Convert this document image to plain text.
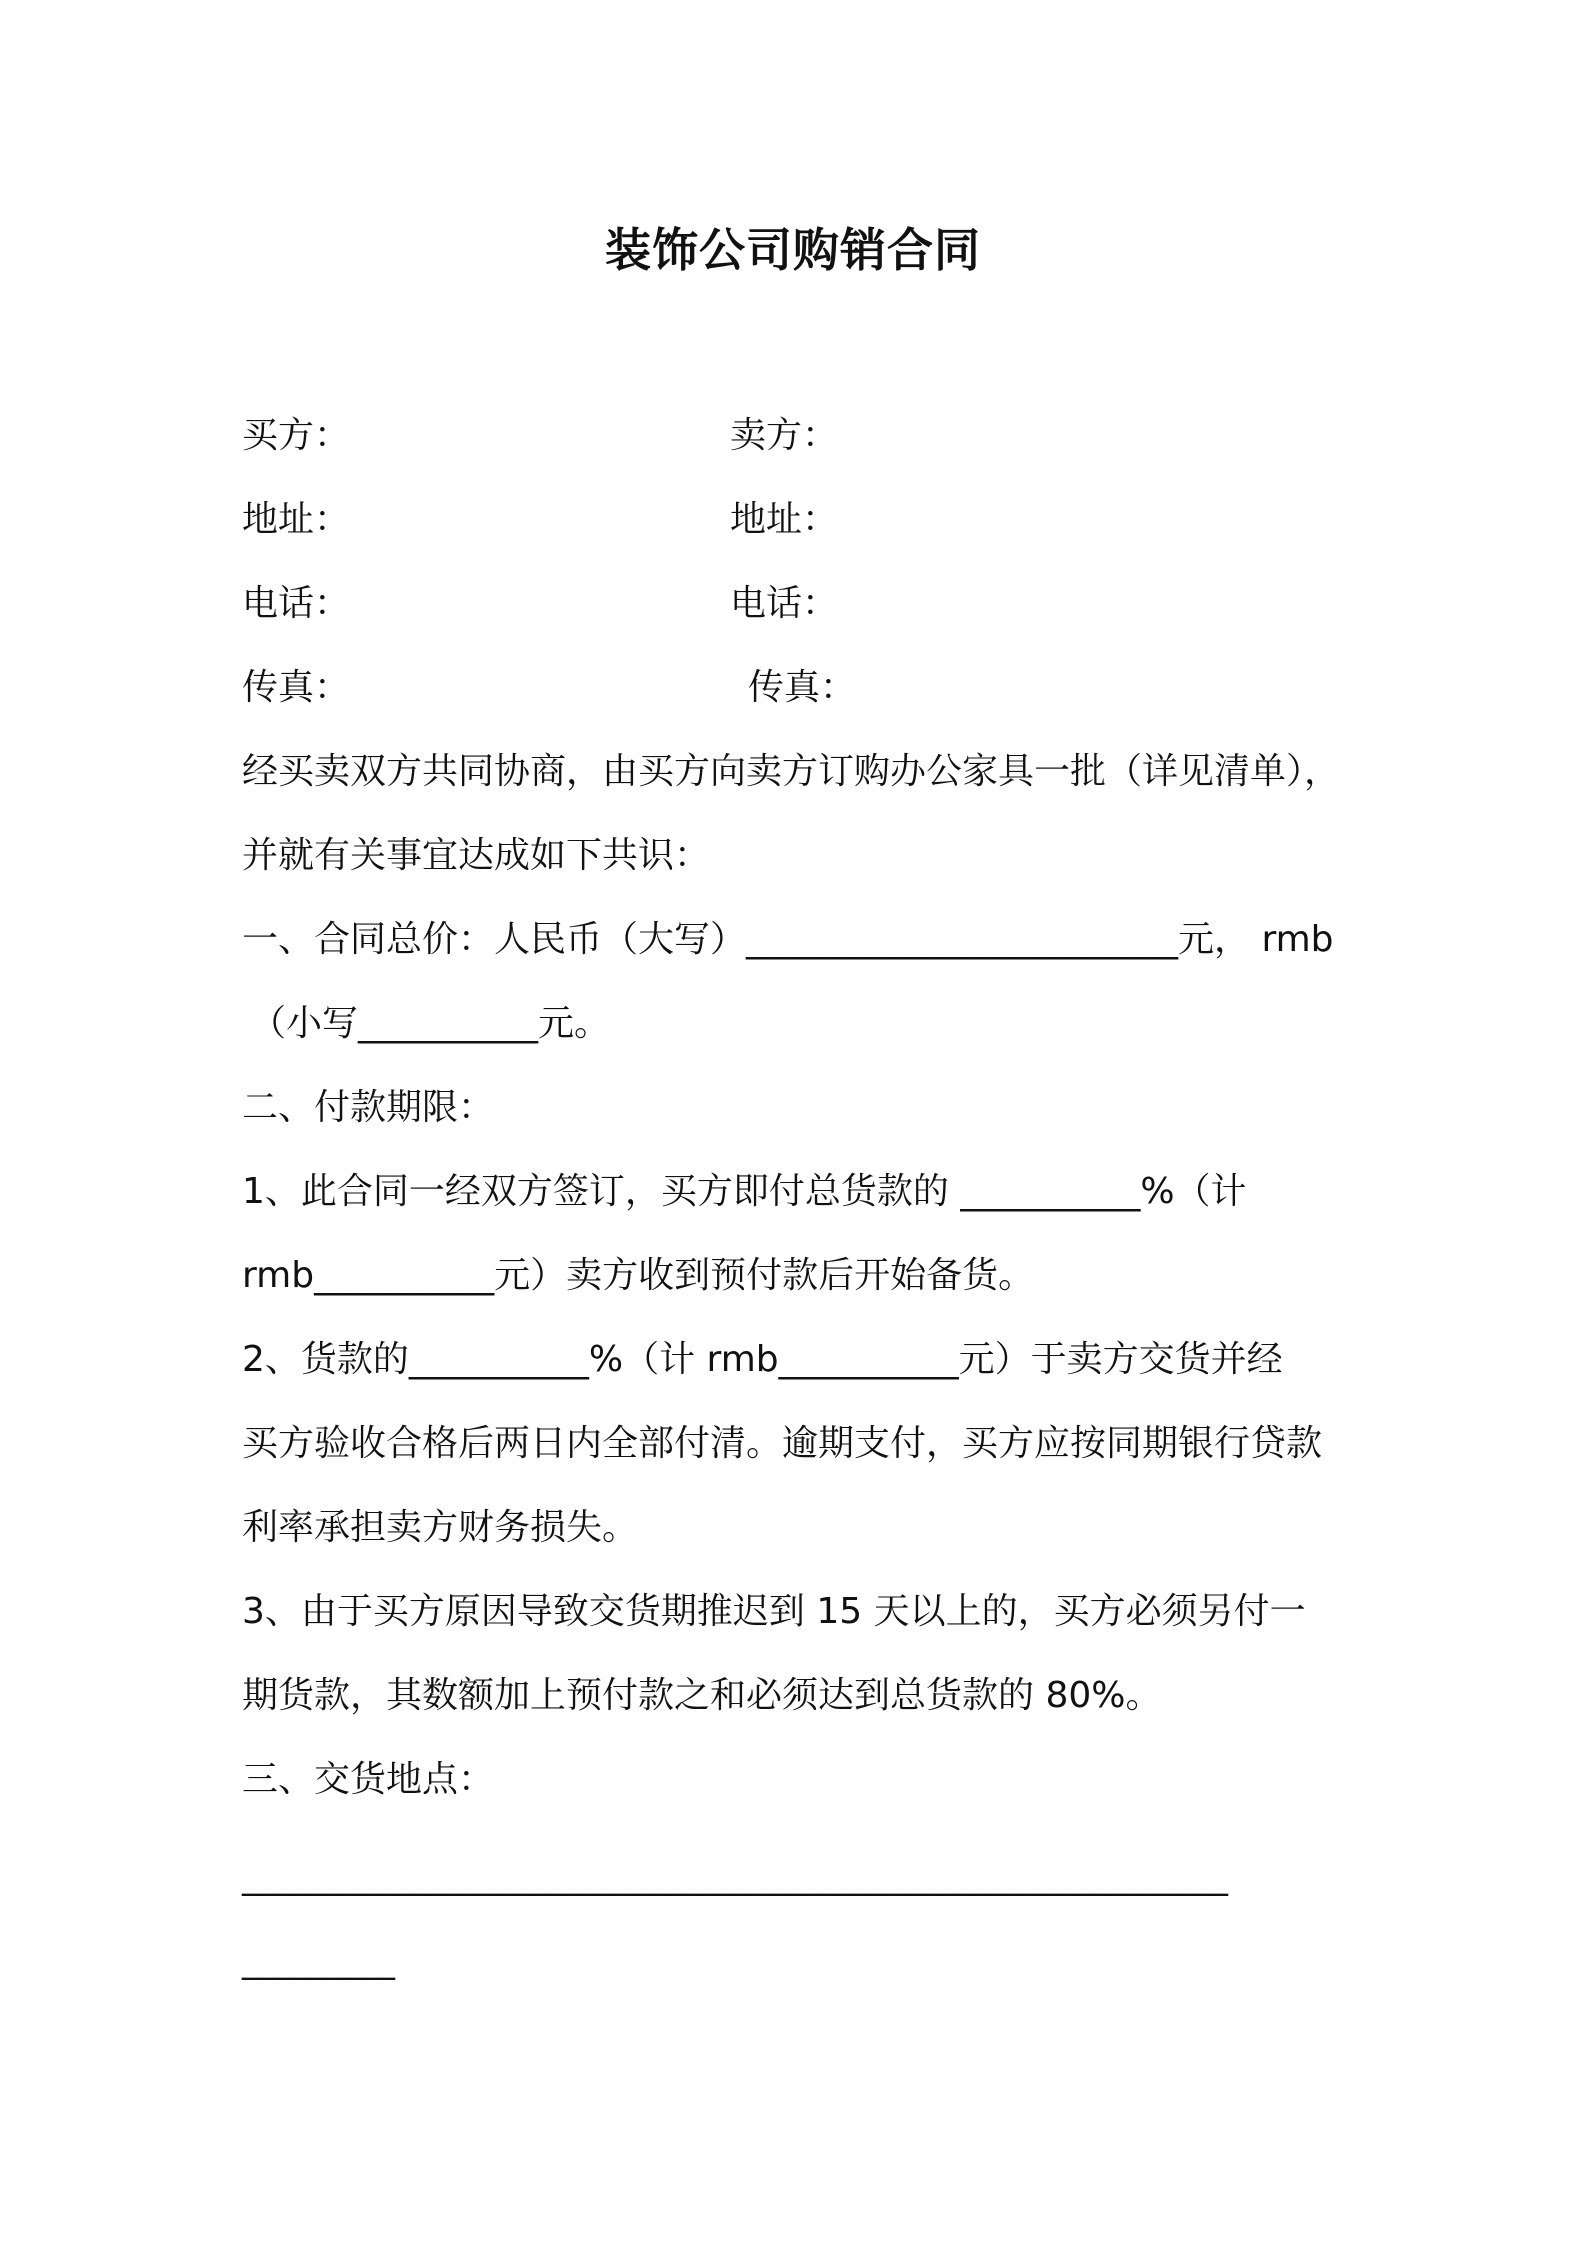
装饰公司购销合同
买方：	卖方：
地址：	地址：
电话：	电话：
传真：	传真：
经买卖双方共同协商，由买方向卖方订购办公家具一批（详见清单），
并就有关事宜达成如下共识：
一、合同总价：人民币（大写）________________________元， rmb
（小写__________元。
二、付款期限：
1、此合同一经双方签订，买方即付总货款的 __________%（计
rmb__________元）卖方收到预付款后开始备货。
2、货款的__________%（计 rmb__________元）于卖方交货并经
买方验收合格后两日内全部付清。逾期支付，买方应按同期银行贷款
利率承担卖方财务损失。
3、由于买方原因导致交货期推迟到 15 天以上的，买方必须另付一
期货款，其数额加上预付款之和必须达到总货款的 80%。
三、交货地点：
__________________________________________________________
_________
